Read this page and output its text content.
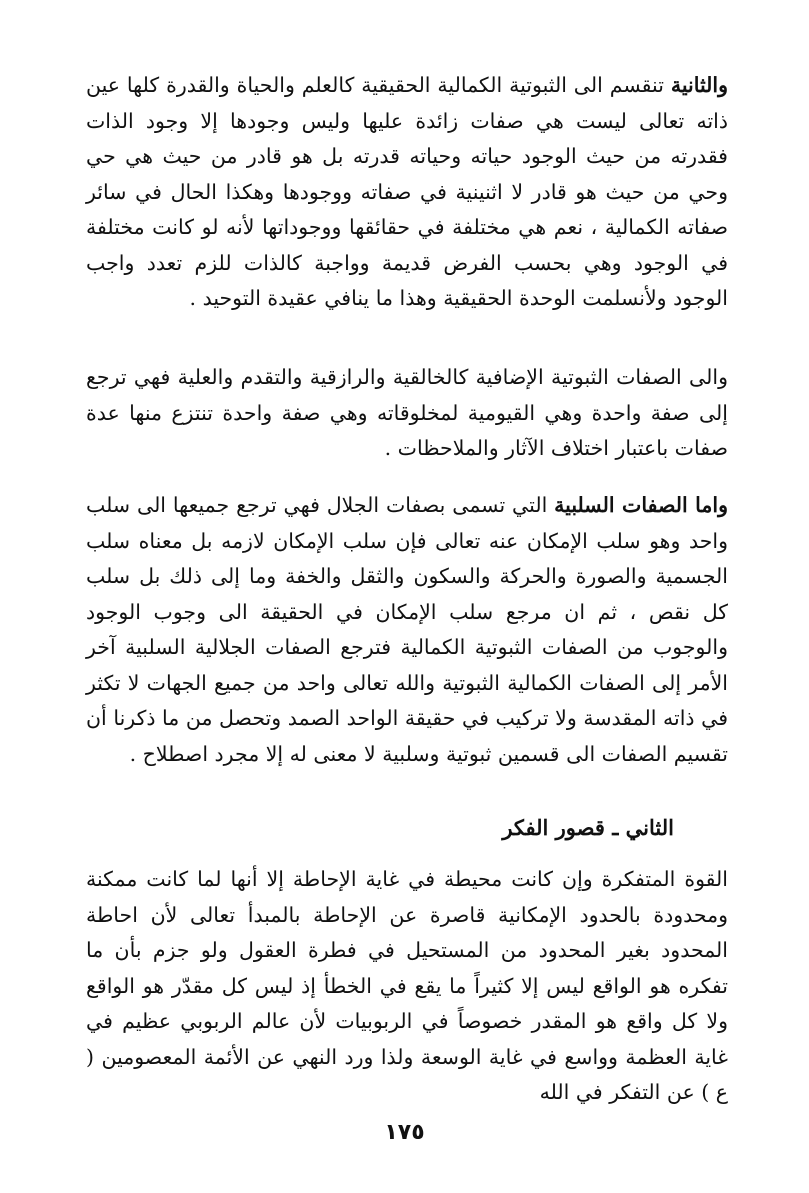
والثانية تنقسم الى الثبوتية الكمالية الحقيقية كالعلم والحياة والقدرة كلها عين ذاته تعالى ليست هي صفات زائدة عليها وليس وجودها إلا وجود الذات فقدرته من حيث الوجود حياته وحياته قدرته بل هو قادر من حيث هي حي وحي من حيث هو قادر لا اثنينية في صفاته ووجودها وهكذا الحال في سائر صفاته الكمالية ، نعم هي مختلفة في حقائقها ووجوداتها لأنه لو كانت مختلفة في الوجود وهي بحسب الفرض قديمة وواجبة كالذات للزم تعدد واجب الوجود ولأنسلمت الوحدة الحقيقية وهذا ما ينافي عقيدة التوحيد .

والى الصفات الثبوتية الإضافية كالخالقية والرازقية والتقدم والعلية فهي ترجع إلى صفة واحدة وهي القيومية لمخلوقاته وهي صفة واحدة تنتزع منها عدة صفات باعتبار اختلاف الآثار والملاحظات .

واما الصفات السلبية التي تسمى بصفات الجلال فهي ترجع جميعها الى سلب واحد وهو سلب الإمكان عنه تعالى فإن سلب الإمكان لازمه بل معناه سلب الجسمية والصورة والحركة والسكون والثقل والخفة وما إلى ذلك بل سلب كل نقص ، ثم ان مرجع سلب الإمكان في الحقيقة الى وجوب الوجود والوجوب من الصفات الثبوتية الكمالية فترجع الصفات الجلالية السلبية آخر الأمر إلى الصفات الكمالية الثبوتية والله تعالى واحد من جميع الجهات لا تكثر في ذاته المقدسة ولا تركيب في حقيقة الواحد الصمد وتحصل من ما ذكرنا أن تقسيم الصفات الى قسمين ثبوتية وسلبية لا معنى له إلا مجرد اصطلاح .

الثاني ـ قصور الفكر

القوة المتفكرة وإن كانت محيطة في غاية الإحاطة إلا أنها لما كانت ممكنة ومحدودة بالحدود الإمكانية قاصرة عن الإحاطة بالمبدأ تعالى لأن احاطة المحدود بغير المحدود من المستحيل في فطرة العقول ولو جزم بأن ما تفكره هو الواقع ليس إلا كثيراً ما يقع في الخطأ إذ ليس كل مقدّر هو الواقع ولا كل واقع هو المقدر خصوصاً في الربوبيات لأن عالم الربوبي عظيم في غاية العظمة وواسع في غاية الوسعة ولذا ورد النهي عن الأئمة المعصومين ( ع ) عن التفكر في الله

١٧٥
